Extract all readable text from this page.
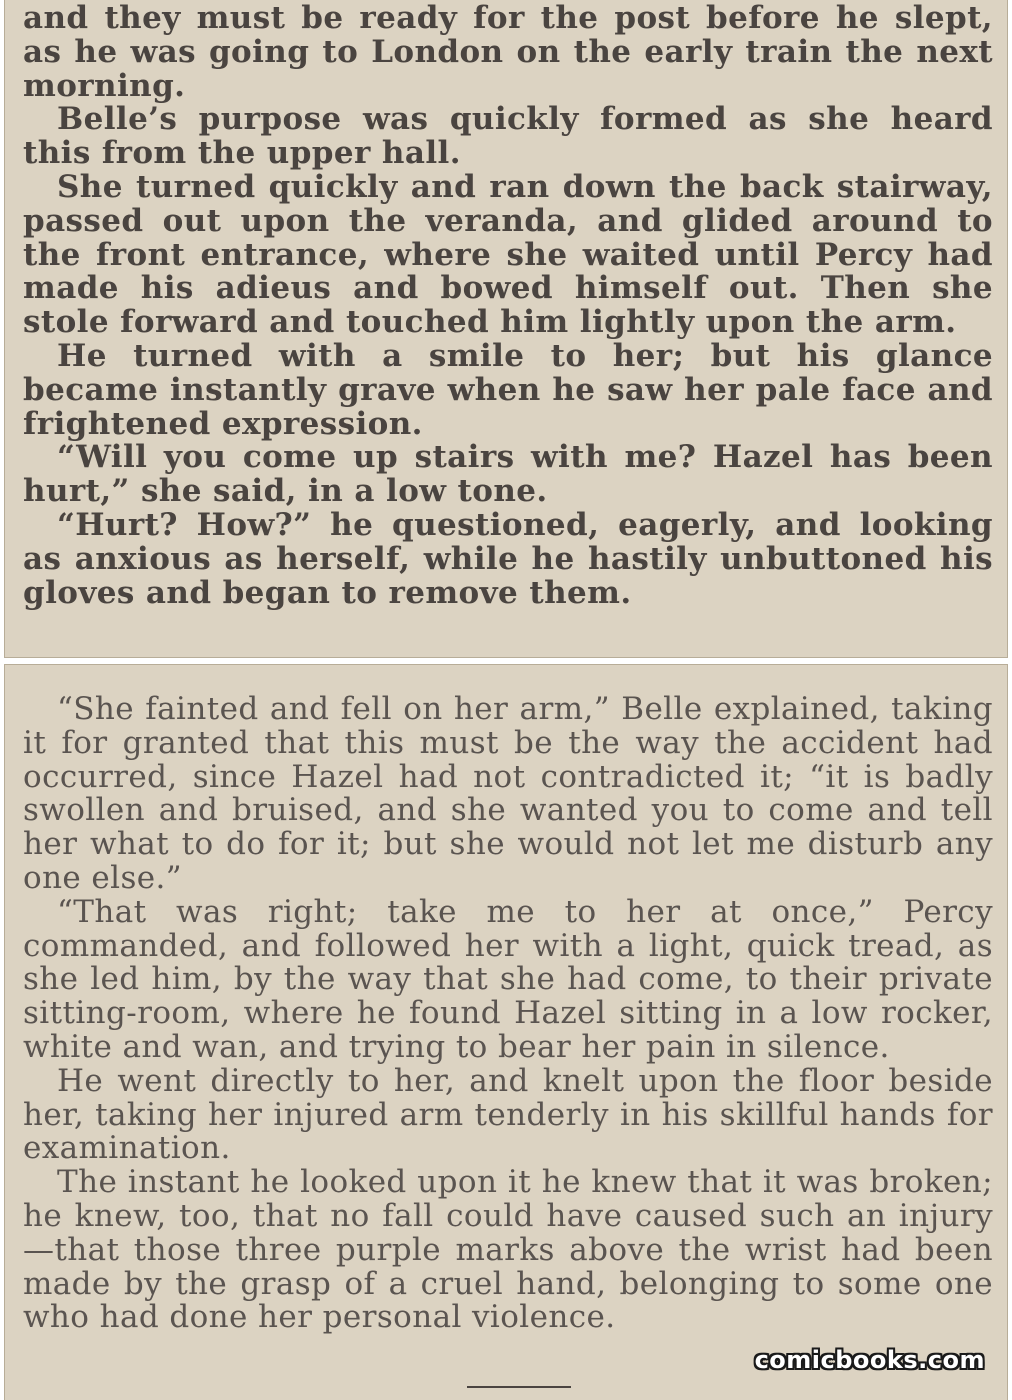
and they must be ready for the post before he slept, as he was going to London on the early train the next morning.

Belle’s purpose was quickly formed as she heard this from the upper hall.

She turned quickly and ran down the back stairway, passed out upon the veranda, and glided around to the front entrance, where she waited until Percy had made his adieus and bowed himself out. Then she stole forward and touched him lightly upon the arm.

He turned with a smile to her; but his glance became instantly grave when he saw her pale face and frightened expression.

“Will you come up stairs with me? Hazel has been hurt,” she said, in a low tone.

“Hurt? How?” he questioned, eagerly, and looking as anxious as herself, while he hastily unbuttoned his gloves and began to remove them.

“She fainted and fell on her arm,” Belle explained, taking it for granted that this must be the way the accident had occurred, since Hazel had not contradicted it; “it is badly swollen and bruised, and she wanted you to come and tell her what to do for it; but she would not let me disturb any one else.”

“That was right; take me to her at once,” Percy commanded, and followed her with a light, quick tread, as she led him, by the way that she had come, to their private sitting-room, where he found Hazel sitting in a low rocker, white and wan, and trying to bear her pain in silence.

He went directly to her, and knelt upon the floor beside her, taking her injured arm tenderly in his skillful hands for examination.

The instant he looked upon it he knew that it was broken; he knew, too, that no fall could have caused such an injury—that those three purple marks above the wrist had been made by the grasp of a cruel hand, belonging to some one who had done her personal violence.

comicbooks.com
